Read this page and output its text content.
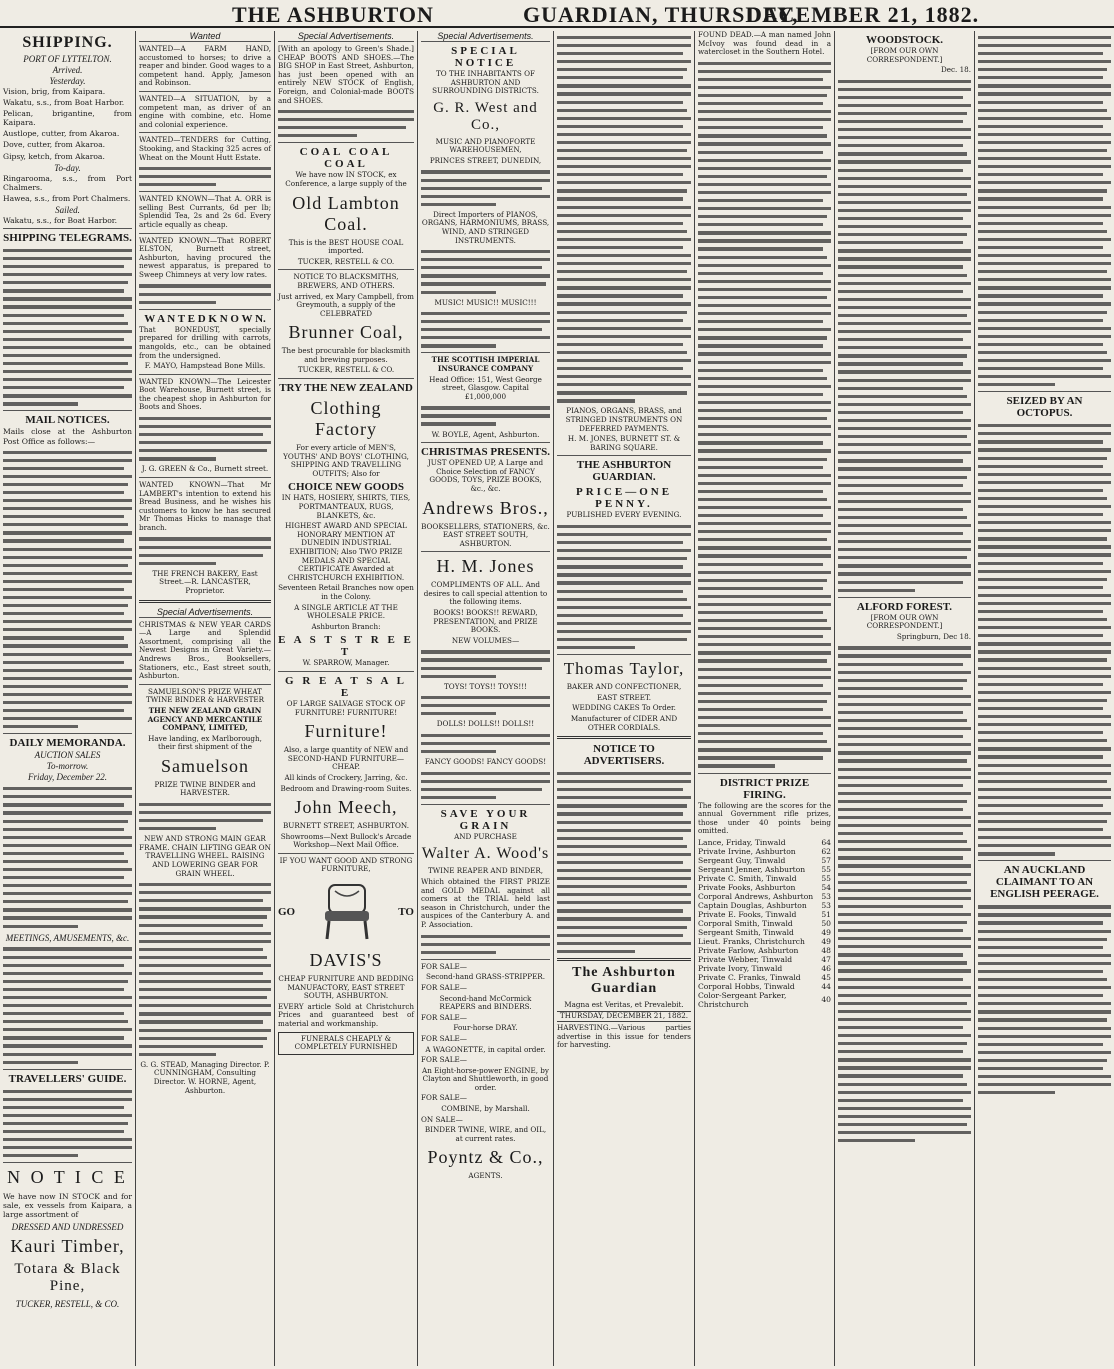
THE ASHBURTON	GUARDIAN, THURSDAY,
DECEMBER 21, 1882.
SHIPPING.
PORT OF LYTTELTON.
Arrived.
Yesterday.

Vision, brig, from Kaipara.

Wakatu, s.s., from Boat Harbor.

Pelican, brigantine, from Kaipara.

Austlope, cutter, from Akaroa.

Dove, cutter, from Akaroa.

Gipsy, ketch, from Akaroa.

To-day.

Ringarooma, s.s., from Port Chalmers.

Hawea, s.s., from Port Chalmers.

Sailed.

Wakatu, s.s., for Boat Harbor.

SHIPPING TELEGRAMS.
MAIL NOTICES.

Mails close at the Ashburton Post Office as follows:—

DAILY MEMORANDA.
AUCTION SALES
To-morrow.
Friday, December 22.
MEETINGS, AMUSEMENTS, &c.
TRAVELLERS' GUIDE.
N O T I C E

We have now IN STOCK and for sale, ex vessels from Kaipara, a large assortment of

DRESSED AND UNDRESSED
Kauri Timber,
Totara & Black Pine,
TUCKER, RESTELL, & CO.
Wanted

WANTED—A FARM HAND, accustomed to horses; to drive a reaper and binder. Good wages to a competent hand. Apply, Jameson and Robinson.

WANTED—A SITUATION, by a competent man, as driver of an engine with combine, etc. Home and colonial experience.

WANTED—TENDERS for Cutting, Stooking, and Stacking 325 acres of Wheat on the Mount Hutt Estate.

WANTED KNOWN—That A. ORR is selling Best Currants, 6d per lb; Splendid Tea, 2s and 2s 6d. Every article equally as cheap.

WANTED KNOWN—That ROBERT ELSTON, Burnett street, Ashburton, having procured the newest apparatus, is prepared to Sweep Chimneys at very low rates.

W A N T E D K N O W N.

That BONEDUST, specially prepared for drilling with carrots, mangolds, etc., can be obtained from the undersigned.

F. MAYO, Hampstead Bone Mills.

WANTED KNOWN—The Leicester Boot Warehouse, Burnett street, is the cheapest shop in Ashburton for Boots and Shoes.

J. G. GREEN & Co., Burnett street.

WANTED KNOWN—That Mr LAMBERT's intention to extend his Bread Business, and he wishes his customers to know he has secured Mr Thomas Hicks to manage that branch.

THE FRENCH BAKERY, East Street.—R. LANCASTER, Proprietor.

Special Advertisements.

CHRISTMAS & NEW YEAR CARDS —A Large and Splendid Assortment, comprising all the Newest Designs in Great Variety.—Andrews Bros., Booksellers, Stationers, etc., East street south, Ashburton.

SAMUELSON'S PRIZE WHEAT TWINE BINDER & HARVESTER

THE NEW ZEALAND GRAIN AGENCY AND MERCANTILE COMPANY, LIMITED,

Have landing, ex Marlborough, their first shipment of the

Samuelson

PRIZE TWINE BINDER and HARVESTER.

NEW AND STRONG MAIN GEAR FRAME. CHAIN LIFTING GEAR ON TRAVELLING WHEEL. RAISING AND LOWERING GEAR FOR GRAIN WHEEL.

G. G. STEAD, Managing Director. P. CUNNINGHAM, Consulting Director. W. HORNE, Agent, Ashburton.

Special Advertisements.

[With an apology to Green's Shade.] CHEAP BOOTS AND SHOES.—The BIG SHOP in East Street, Ashburton, has just been opened with an entirely NEW STOCK of English, Foreign, and Colonial-made BOOTS and SHOES.

COAL COAL COAL

We have now IN STOCK, ex Conference, a large supply of the

Old Lambton Coal.

This is the BEST HOUSE COAL imported.

TUCKER, RESTELL & CO.

NOTICE TO BLACKSMITHS, BREWERS, AND OTHERS.

Just arrived, ex Mary Campbell, from Greymouth, a supply of the CELEBRATED

Brunner Coal,

The best procurable for blacksmith and brewing purposes.

TUCKER, RESTELL & CO.

TRY THE NEW ZEALAND
Clothing Factory

For every article of MEN'S, YOUTHS' AND BOYS' CLOTHING, SHIPPING AND TRAVELLING OUTFITS; Also for

CHOICE NEW GOODS

IN HATS, HOSIERY, SHIRTS, TIES, PORTMANTEAUX, RUGS, BLANKETS, &c.

HIGHEST AWARD AND SPECIAL HONORARY MENTION AT DUNEDIN INDUSTRIAL EXHIBITION; Also TWO PRIZE MEDALS AND SPECIAL CERTIFICATE Awarded at CHRISTCHURCH EXHIBITION.

Seventeen Retail Branches now open in the Colony.

A SINGLE ARTICLE AT THE WHOLESALE PRICE.

Ashburton Branch:

E A S T S T R E E T

W. SPARROW, Manager.

G R E A T S A L E

OF LARGE SALVAGE STOCK OF FURNITURE! FURNITURE!

Furniture!

Also, a large quantity of NEW and SECOND-HAND FURNITURE—CHEAP.

All kinds of Crockery, Jarring, &c.

Bedroom and Drawing-room Suites.

John Meech,

BURNETT STREET, ASHBURTON.

Showrooms—Next Bullock's Arcade Workshop—Next Mail Office.

IF YOU WANT GOOD AND STRONG FURNITURE,

GO	TO
DAVIS'S

CHEAP FURNITURE AND BEDDING MANUFACTORY, EAST STREET SOUTH, ASHBURTON.

EVERY article Sold at Christchurch Prices and guaranteed best of material and workmanship.

FUNERALS CHEAPLY & COMPLETELY FURNISHED
Special Advertisements.
SPECIAL NOTICE

TO THE INHABITANTS OF ASHBURTON AND SURROUNDING DISTRICTS.

G. R. West and Co.,

MUSIC AND PIANOFORTE WAREHOUSEMEN,

PRINCES STREET, DUNEDIN,

Direct Importers of PIANOS, ORGANS, HARMONIUMS, BRASS, WIND, AND STRINGED INSTRUMENTS.

MUSIC! MUSIC!! MUSIC!!!

THE SCOTTISH IMPERIAL INSURANCE COMPANY

Head Office: 151, West George street, Glasgow. Capital £1,000,000

W. BOYLE, Agent, Ashburton.

CHRISTMAS PRESENTS.

JUST OPENED UP, A Large and Choice Selection of FANCY GOODS, TOYS, PRIZE BOOKS, &c., &c.

Andrews Bros.,

BOOKSELLERS, STATIONERS, &c. EAST STREET SOUTH, ASHBURTON.

H. M. Jones

COMPLIMENTS OF ALL. And desires to call special attention to the following items.

BOOKS! BOOKS!! REWARD, PRESENTATION, and PRIZE BOOKS.

NEW VOLUMES—

TOYS! TOYS!! TOYS!!!

DOLLS! DOLLS!! DOLLS!!

FANCY GOODS! FANCY GOODS!

SAVE YOUR GRAIN

AND PURCHASE

Walter A. Wood's

TWINE REAPER AND BINDER,

Which obtained the FIRST PRIZE and GOLD MEDAL against all comers at the TRIAL held last season in Christchurch, under the auspices of the Canterbury A. and P. Association.

FOR SALE—

Second-hand GRASS-STRIPPER.

FOR SALE—

Second-hand McCormick REAPERS and BINDERS.

FOR SALE—

Four-horse DRAY.

FOR SALE—

A WAGONETTE, in capital order.

FOR SALE—

An Eight-horse-power ENGINE, by Clayton and Shuttleworth, in good order.

FOR SALE—

COMBINE, by Marshall.

ON SALE—

BINDER TWINE, WIRE, and OIL, at current rates.

Poyntz & Co.,

AGENTS.

PIANOS, ORGANS, BRASS, and STRINGED INSTRUMENTS ON DEFERRED PAYMENTS.

H. M. JONES, BURNETT ST. & BARING SQUARE.

THE ASHBURTON GUARDIAN.
PRICE—ONE PENNY.

PUBLISHED EVERY EVENING.

Thomas Taylor,

BAKER AND CONFECTIONER,

EAST STREET.

WEDDING CAKES To Order.

Manufacturer of CIDER AND OTHER CORDIALS.

NOTICE TO ADVERTISERS.
The Ashburton Guardian

Magna est Veritas, et Prevalebit.

THURSDAY, DECEMBER 21, 1882.

HARVESTING.—Various parties advertise in this issue for tenders for harvesting.

FOUND DEAD.—A man named John McIvoy was found dead in a watercloset in the Southern Hotel.

DISTRICT PRIZE FIRING.

The following are the scores for the annual Government rifle prizes, those under 40 points being omitted.

Lance, Friday, Tinwald	64
Private Irvine, Ashburton	62
Sergeant Guy, Tinwald	57
Sergeant Jenner, Ashburton	55
Private C. Smith, Tinwald	55
Private Fooks, Ashburton	54
Corporal Andrews, Ashburton	53
Captain Douglas, Ashburton	53
Private E. Fooks, Tinwald	51
Corporal Smith, Tinwald	50
Sergeant Smith, Tinwald	49
Lieut. Franks, Christchurch	49
Private Farlow, Ashburton	48
Private Webber, Tinwald	47
Private Ivory, Tinwald	46
Private C. Franks, Tinwald	45
Corporal Hobbs, Tinwald	44
Color-Sergeant Parker, Christchurch	40
WOODSTOCK.

[FROM OUR OWN CORRESPONDENT.]

Dec. 18.

ALFORD FOREST.

[FROM OUR OWN CORRESPONDENT.]

Springburn, Dec 18.

SEIZED BY AN OCTOPUS.
AN AUCKLAND CLAIMANT TO AN ENGLISH PEERAGE.
